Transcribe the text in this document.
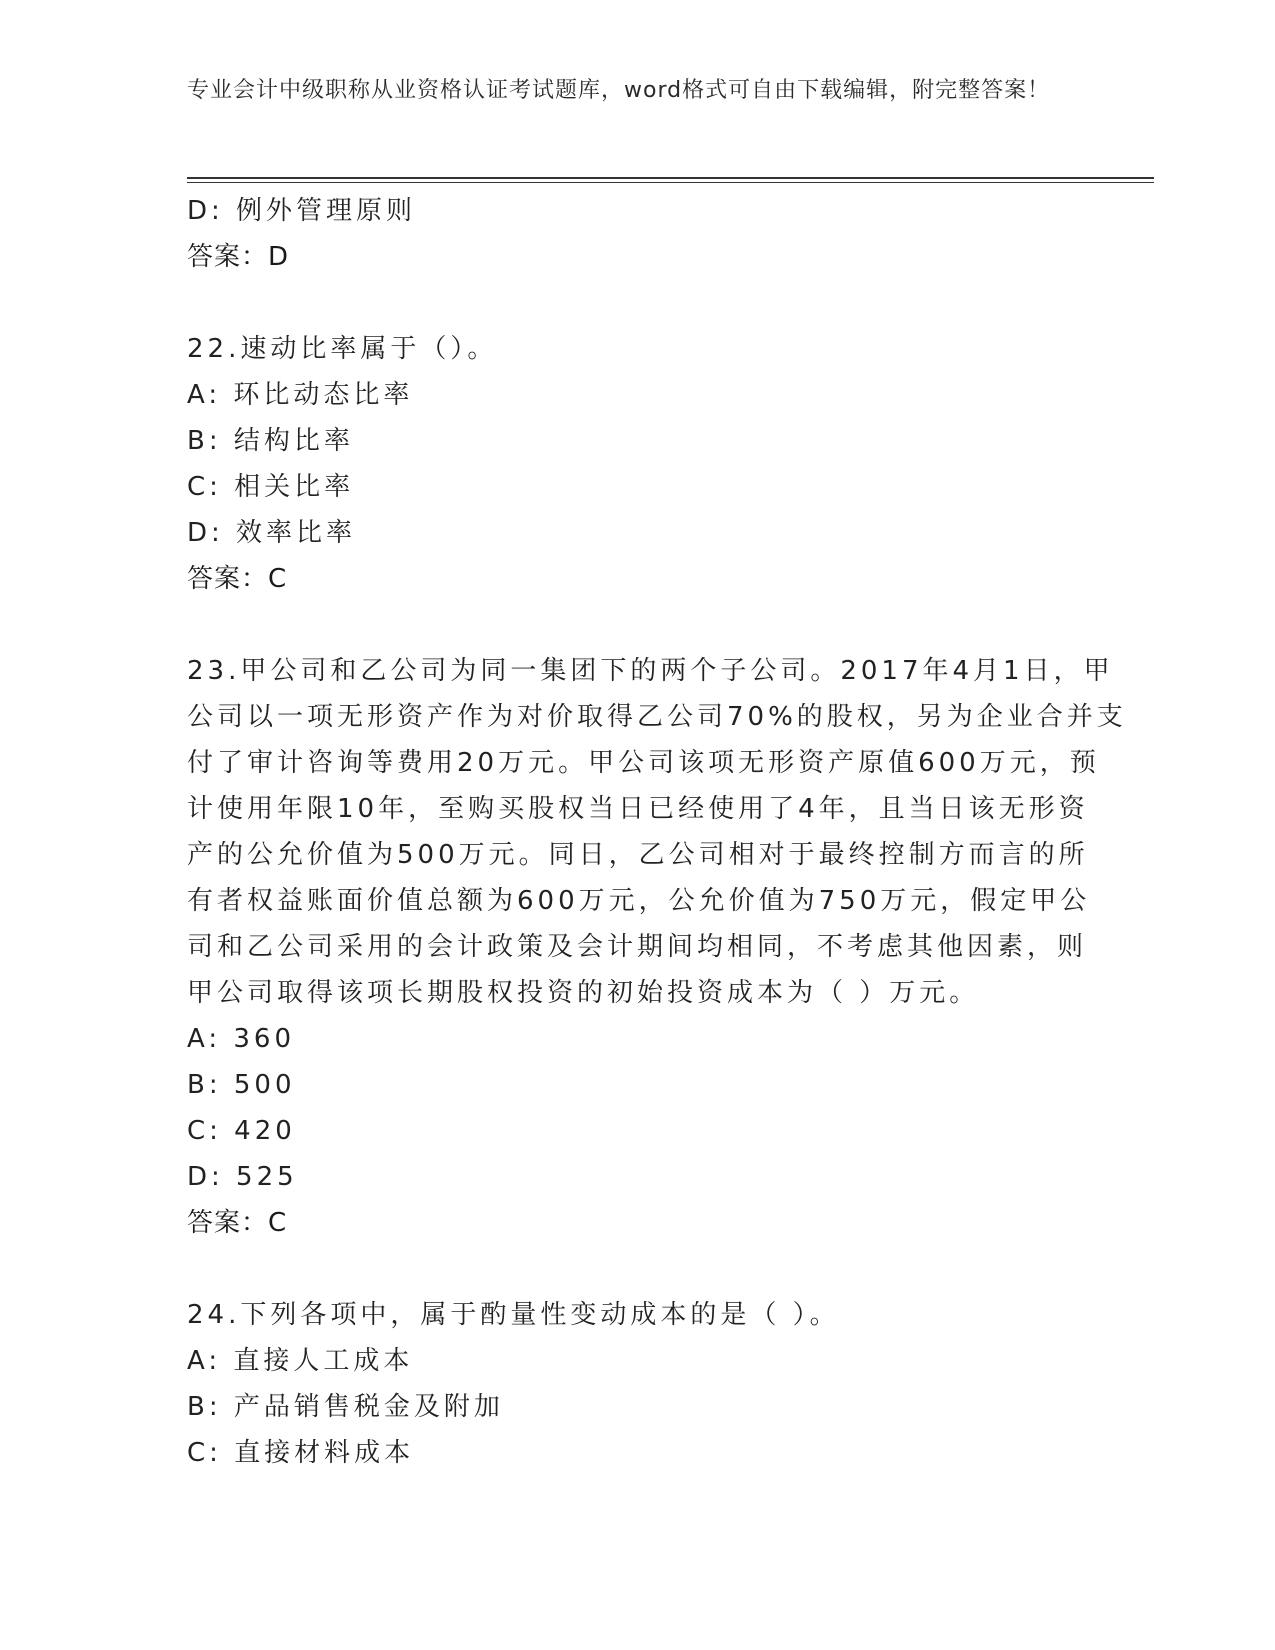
专业会计中级职称从业资格认证考试题库，word格式可自由下载编辑，附完整答案！
D: 例外管理原则
答案：D
22.速动比率属于（）。
A: 环比动态比率
B: 结构比率
C: 相关比率
D: 效率比率
答案：C
23.甲公司和乙公司为同一集团下的两个子公司。2017年4月1日，甲
公司以一项无形资产作为对价取得乙公司70%的股权，另为企业合并支
付了审计咨询等费用20万元。甲公司该项无形资产原值600万元，预
计使用年限10年，至购买股权当日已经使用了4年，且当日该无形资
产的公允价值为500万元。同日，乙公司相对于最终控制方而言的所
有者权益账面价值总额为600万元，公允价值为750万元，假定甲公
司和乙公司采用的会计政策及会计期间均相同，不考虑其他因素，则
甲公司取得该项长期股权投资的初始投资成本为（ ）万元。
A: 360
B: 500
C: 420
D: 525
答案：C
24.下列各项中，属于酌量性变动成本的是（ ）。
A: 直接人工成本
B: 产品销售税金及附加
C: 直接材料成本
